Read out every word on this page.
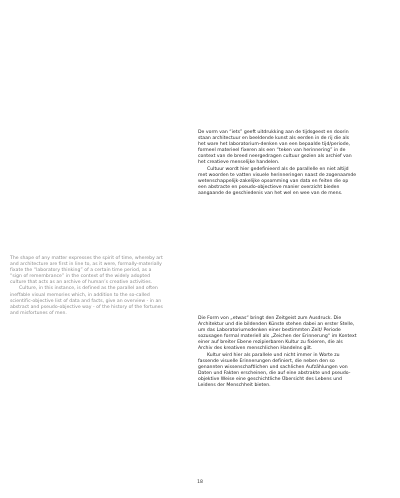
De vorm van “iets” geeft uitdrukking aan de tijdsgeest en doorin staan architectuur en beeldende kunst als eerden in de rij die als het ware het laboratorium-denken van een bepaalde tijd/periode, formeel materieel fixeren als een “teken van herinnering” in de context van de breed neergedragen cultuur gezien als archief van het creatieve menselijke handelen.

Cultuur wordt hier gedefinieerd als de parallelle en niet altijd met woorden te vatten visuele herinneringen naast de zogenaamde wetenschappelijk-zakelijke opsomming van data en feiten die op een abstracte en pseudo-objectieve manier overzicht bieden aangaande de geschiedenis van het wel en wee van de mens.

The shape of any matter expresses the spirit of time, whereby art and architecture are first in line to, as it were, formally-materially fixate the “laboratory thinking” of a certain time period, as a “sign of remembrance” in the context of the widely adopted culture that acts as an archive of human’s creative activities.

Culture, in this instance, is defined as the parallel and often ineffable visual memories which, in addition to the so-called scientific-objective list of data and facts, give an overview - in an abstract and pseudo-objective way - of the history of the fortunes and misfortunes of men.

Die Form von „etwas“ bringt den Zeitgeist zum Ausdruck. Die Architektur und die bildenden Künste stehen dabei an erster Stelle, um das Laboratoriumsdenken einer bestimmten Zeit/ Periode sozusagen formal materiell als „Zeichen der Erinnerung“ im Kontext einer auf breiter Ebene rezipierbaren Kultur zu fixieren, die als Archiv des kreativen menschlichen Handelns gilt.

Kultur wird hier als parallele und nicht immer in Worte zu fassende visuelle Erinnerungen definiert, die neben den so genannten wissenschaftlichen und sachlichen Aufzählungen von Daten und Fakten erscheinen, die auf eine abstrakte und pseudo-objektive Weise eine geschichtliche Übersicht des Lebens und Leidens der Menschheit bieten.

18
